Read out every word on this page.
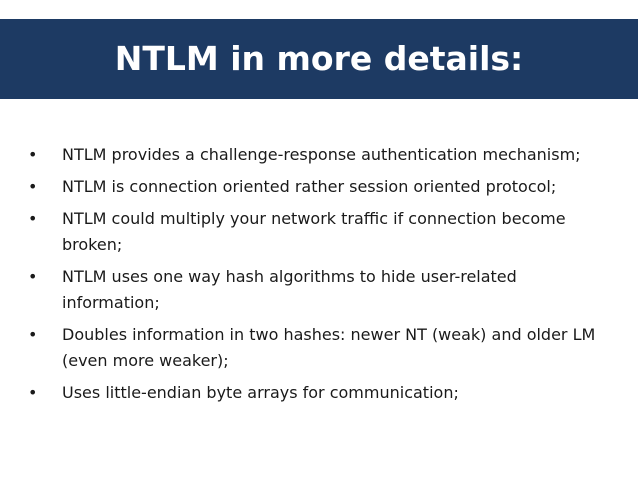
NTLM in more details:
•	NTLM provides a challenge-response authentication mechanism;
•	NTLM is connection oriented rather session oriented protocol;
•	NTLM could multiply your network traffic if connection become broken;
•	NTLM uses one way hash algorithms to hide user-related information;
•	Doubles information in two hashes: newer NT (weak) and older LM (even more weaker);
•	Uses little-endian byte arrays for communication;
